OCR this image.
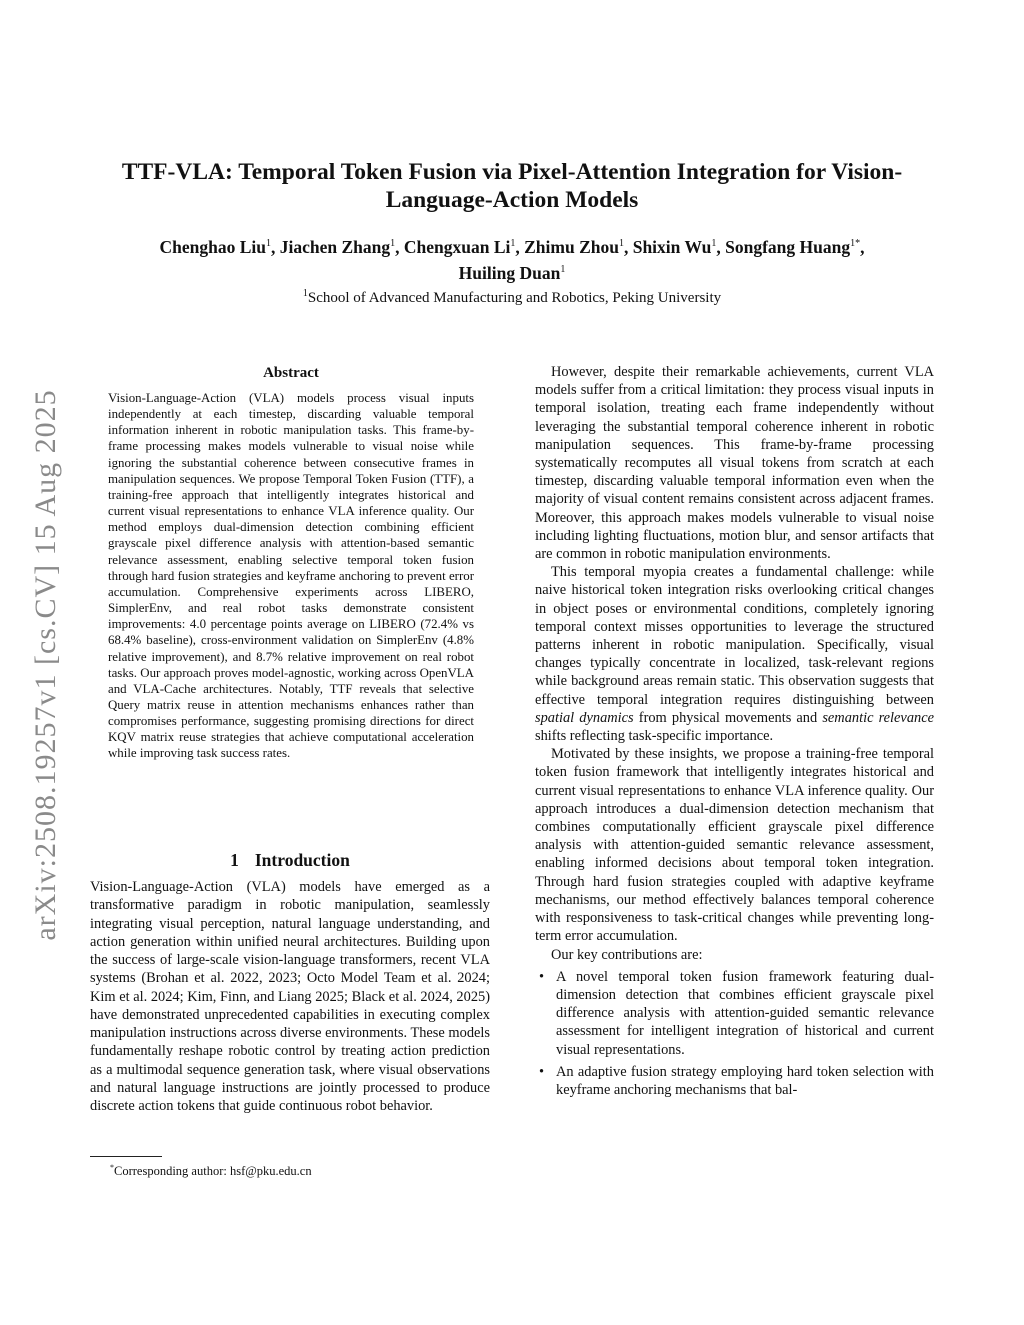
arXiv:2508.19257v1 [cs.CV] 15 Aug 2025
TTF-VLA: Temporal Token Fusion via Pixel-Attention Integration for Vision-Language-Action Models
Chenghao Liu$^1$, Jiachen Zhang$^1$, Chengxuan Li$^1$, Zhimu Zhou$^1$, Shixin Wu$^1$, Songfang Huang$^{1*}$,
Huiling Duan$^1$
$^1$School of Advanced Manufacturing and Robotics, Peking University
Abstract

Vision-Language-Action (VLA) models process visual inputs independently at each timestep, discarding valuable temporal information inherent in robotic manipulation tasks. This frame-by-frame processing makes models vulnerable to visual noise while ignoring the substantial coherence between consecutive frames in manipulation sequences. We propose Temporal Token Fusion (TTF), a training-free approach that intelligently integrates historical and current visual representations to enhance VLA inference quality. Our method employs dual-dimension detection combining efficient grayscale pixel difference analysis with attention-based semantic relevance assessment, enabling selective temporal token fusion through hard fusion strategies and keyframe anchoring to prevent error accumulation. Comprehensive experiments across LIBERO, SimplerEnv, and real robot tasks demonstrate consistent improvements: 4.0 percentage points average on LIBERO (72.4% vs 68.4% baseline), cross-environment validation on SimplerEnv (4.8% relative improvement), and 8.7% relative improvement on real robot tasks. Our approach proves model-agnostic, working across OpenVLA and VLA-Cache architectures. Notably, TTF reveals that selective Query matrix reuse in attention mechanisms enhances rather than compromises performance, suggesting promising directions for direct KQV matrix reuse strategies that achieve computational acceleration while improving task success rates.

1 Introduction

Vision-Language-Action (VLA) models have emerged as a transformative paradigm in robotic manipulation, seamlessly integrating visual perception, natural language understanding, and action generation within unified neural architectures. Building upon the success of large-scale vision-language transformers, recent VLA systems (Brohan et al. 2022, 2023; Octo Model Team et al. 2024; Kim et al. 2024; Kim, Finn, and Liang 2025; Black et al. 2024, 2025) have demonstrated unprecedented capabilities in executing complex manipulation instructions across diverse environments. These models fundamentally reshape robotic control by treating action prediction as a multimodal sequence generation task, where visual observations and natural language instructions are jointly processed to produce discrete action tokens that guide continuous robot behavior.

*Corresponding author: hsf@pku.edu.cn

However, despite their remarkable achievements, current VLA models suffer from a critical limitation: they process visual inputs in temporal isolation, treating each frame independently without leveraging the substantial temporal coherence inherent in robotic manipulation sequences. This frame-by-frame processing systematically recomputes all visual tokens from scratch at each timestep, discarding valuable temporal information even when the majority of visual content remains consistent across adjacent frames. Moreover, this approach makes models vulnerable to visual noise including lighting fluctuations, motion blur, and sensor artifacts that are common in robotic manipulation environments.

This temporal myopia creates a fundamental challenge: while naive historical token integration risks overlooking critical changes in object poses or environmental conditions, completely ignoring temporal context misses opportunities to leverage the structured patterns inherent in robotic manipulation. Specifically, visual changes typically concentrate in localized, task-relevant regions while background areas remain static. This observation suggests that effective temporal integration requires distinguishing between spatial dynamics from physical movements and semantic relevance shifts reflecting task-specific importance.

Motivated by these insights, we propose a training-free temporal token fusion framework that intelligently integrates historical and current visual representations to enhance VLA inference quality. Our approach introduces a dual-dimension detection mechanism that combines computationally efficient grayscale pixel difference analysis with attention-guided semantic relevance assessment, enabling informed decisions about temporal token integration. Through hard fusion strategies coupled with adaptive keyframe mechanisms, our method effectively balances temporal coherence with responsiveness to task-critical changes while preventing long-term error accumulation.

Our key contributions are:

• A novel temporal token fusion framework featuring dual-dimension detection that combines efficient grayscale pixel difference analysis with attention-guided semantic relevance assessment for intelligent integration of historical and current visual representations.
• An adaptive fusion strategy employing hard token selection with keyframe anchoring mechanisms that bal-
